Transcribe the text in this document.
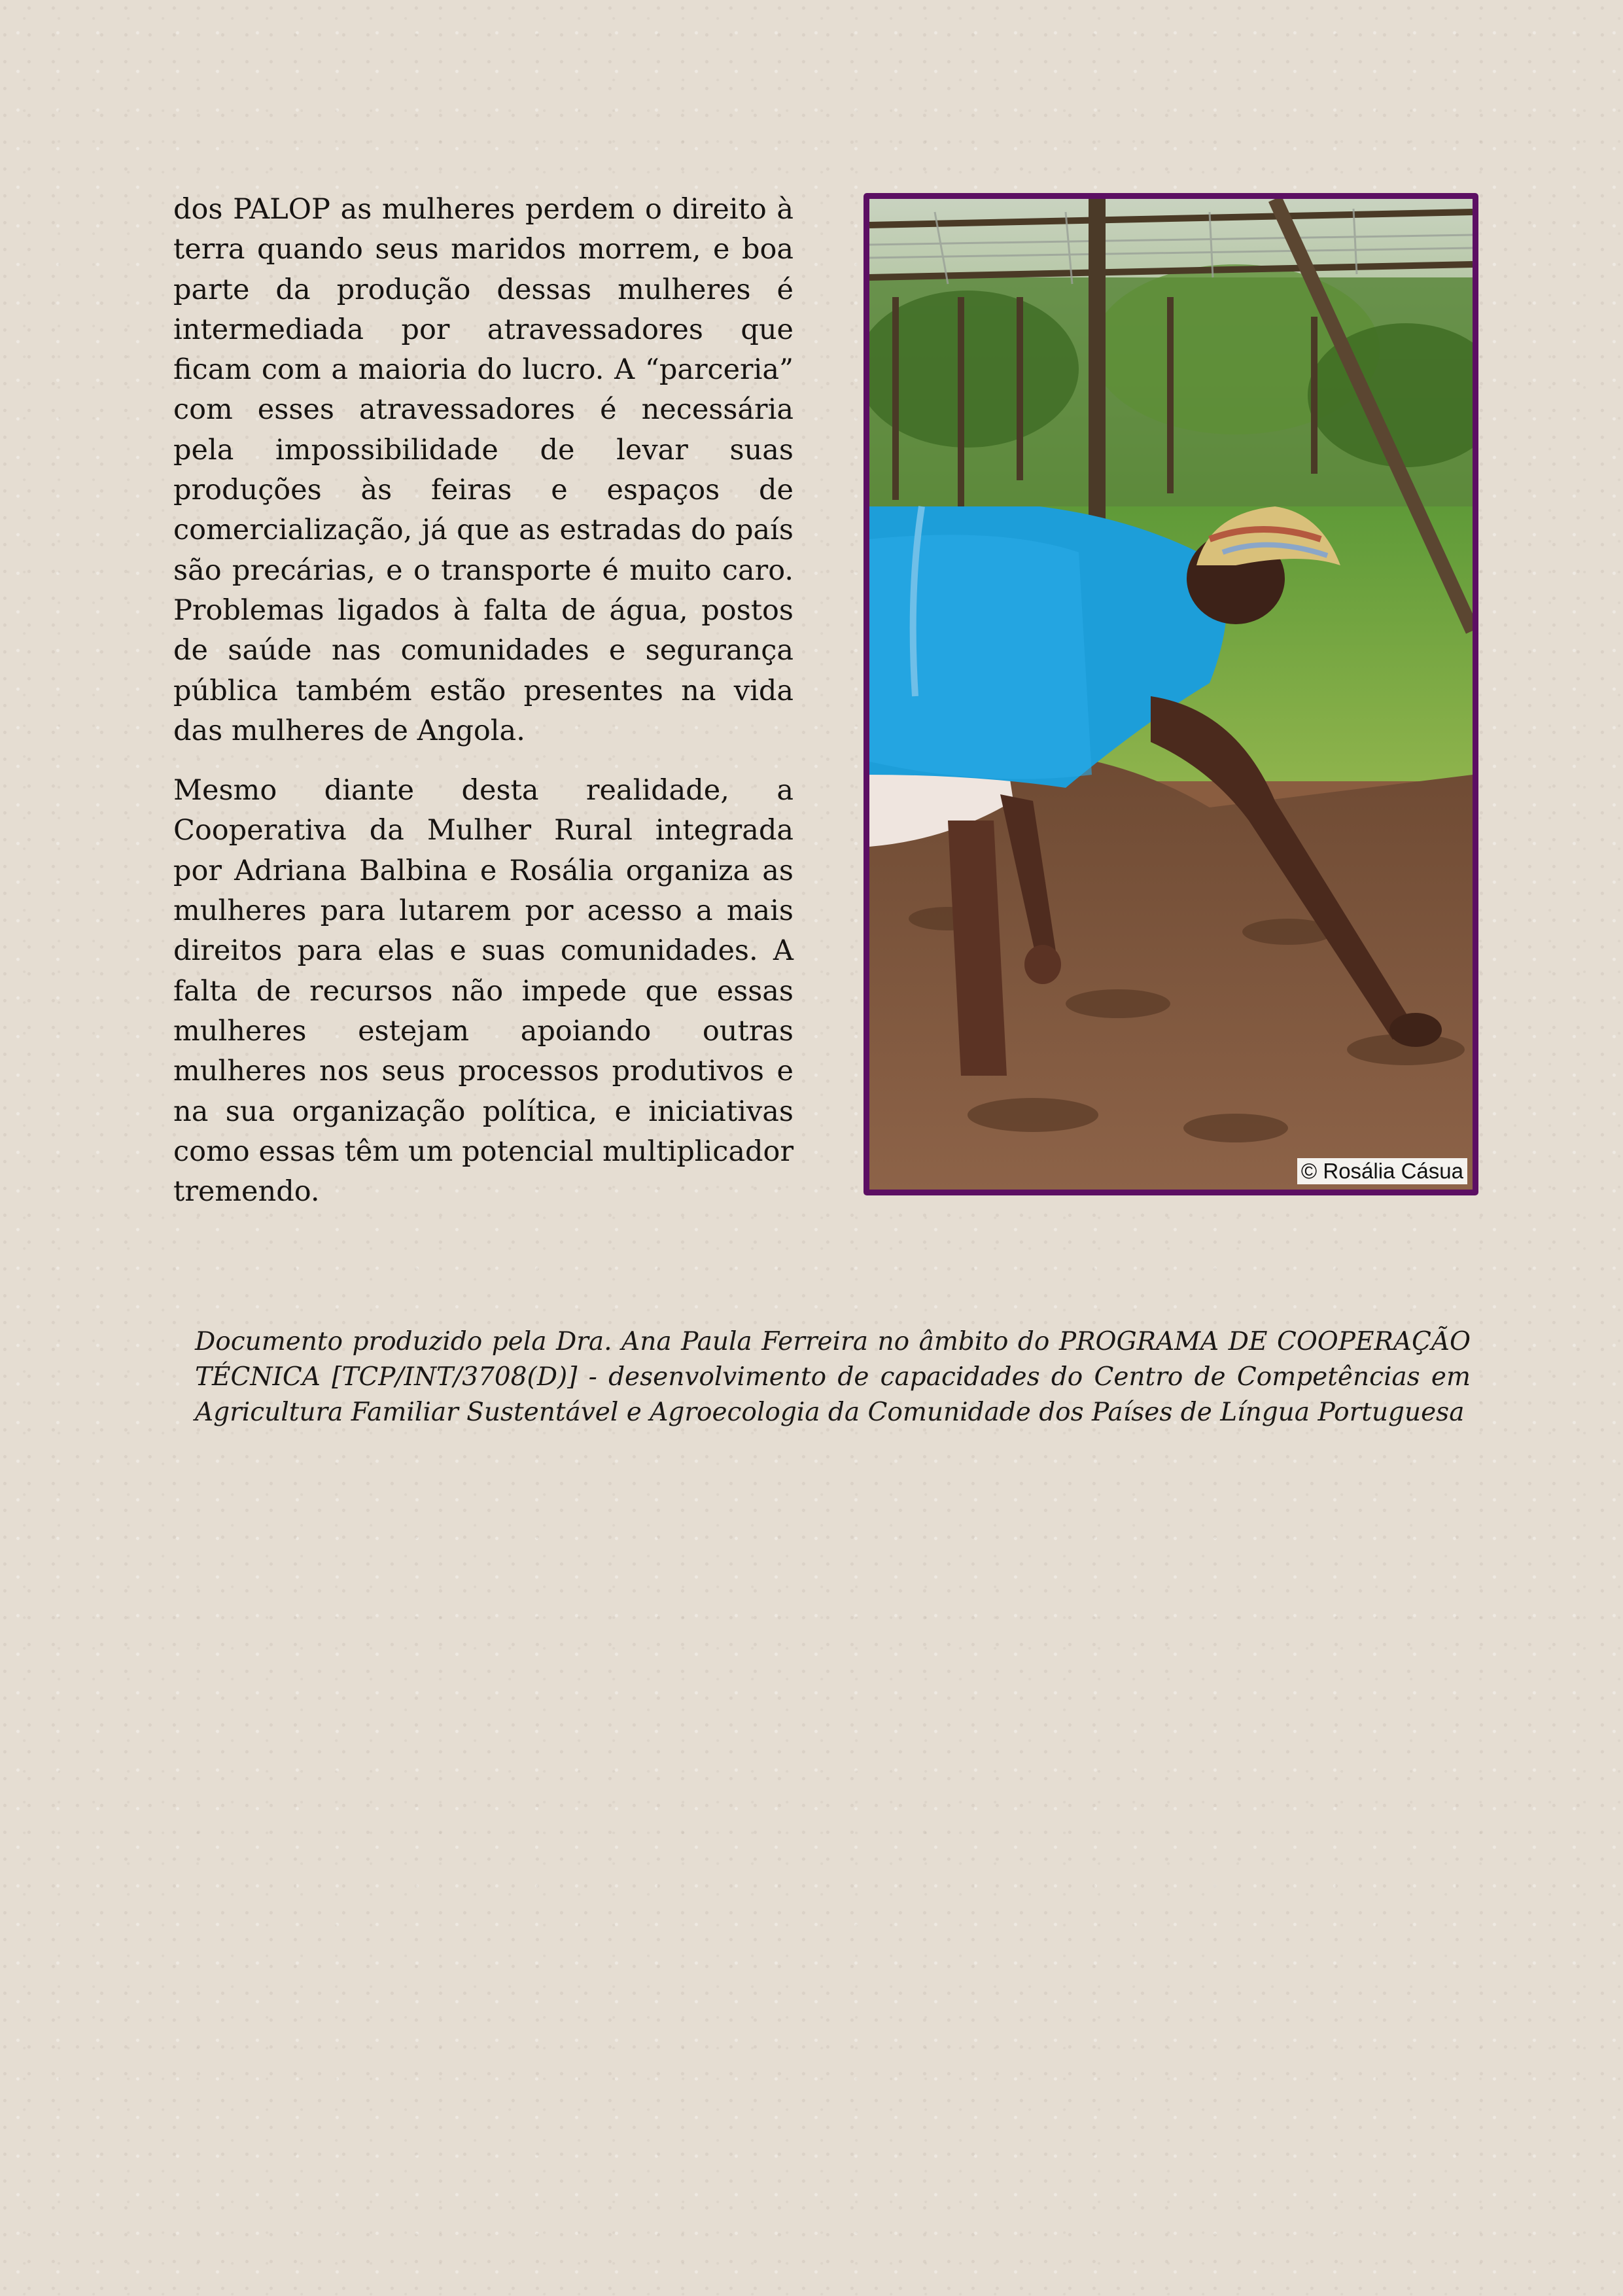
dos PALOP as mulheres perdem o direito à terra quando seus maridos morrem, e boa parte da produção dessas mulheres é intermediada por atravessadores que ficam com a maioria do lucro. A “parceria” com esses atravessadores é necessária pela impossibilidade de levar suas produções às feiras e espaços de comercialização, já que as estradas do país são precárias, e o transporte é muito caro. Problemas ligados à falta de água, postos de saúde nas comunidades e segurança pública também estão presentes na vida das mulheres de Angola.

Mesmo diante desta realidade, a Cooperativa da Mulher Rural integrada por Adriana Balbina e Rosália organiza as mulheres para lutarem por acesso a mais direitos para elas e suas comunidades. A falta de recursos não impede que essas mulheres estejam apoiando outras mulheres nos seus processos produtivos e na sua organização política, e iniciativas como essas têm um potencial multiplicador tremendo.

© Rosália Cásua
Documento produzido pela Dra. Ana Paula Ferreira no âmbito do PROGRAMA DE COOPERAÇÃO TÉCNICA [TCP/INT/3708(D)] - desenvolvimento de capacidades do Centro de Competências em Agricultura Familiar Sustentável e Agroecologia da Comunidade dos Países de Língua Portuguesa
